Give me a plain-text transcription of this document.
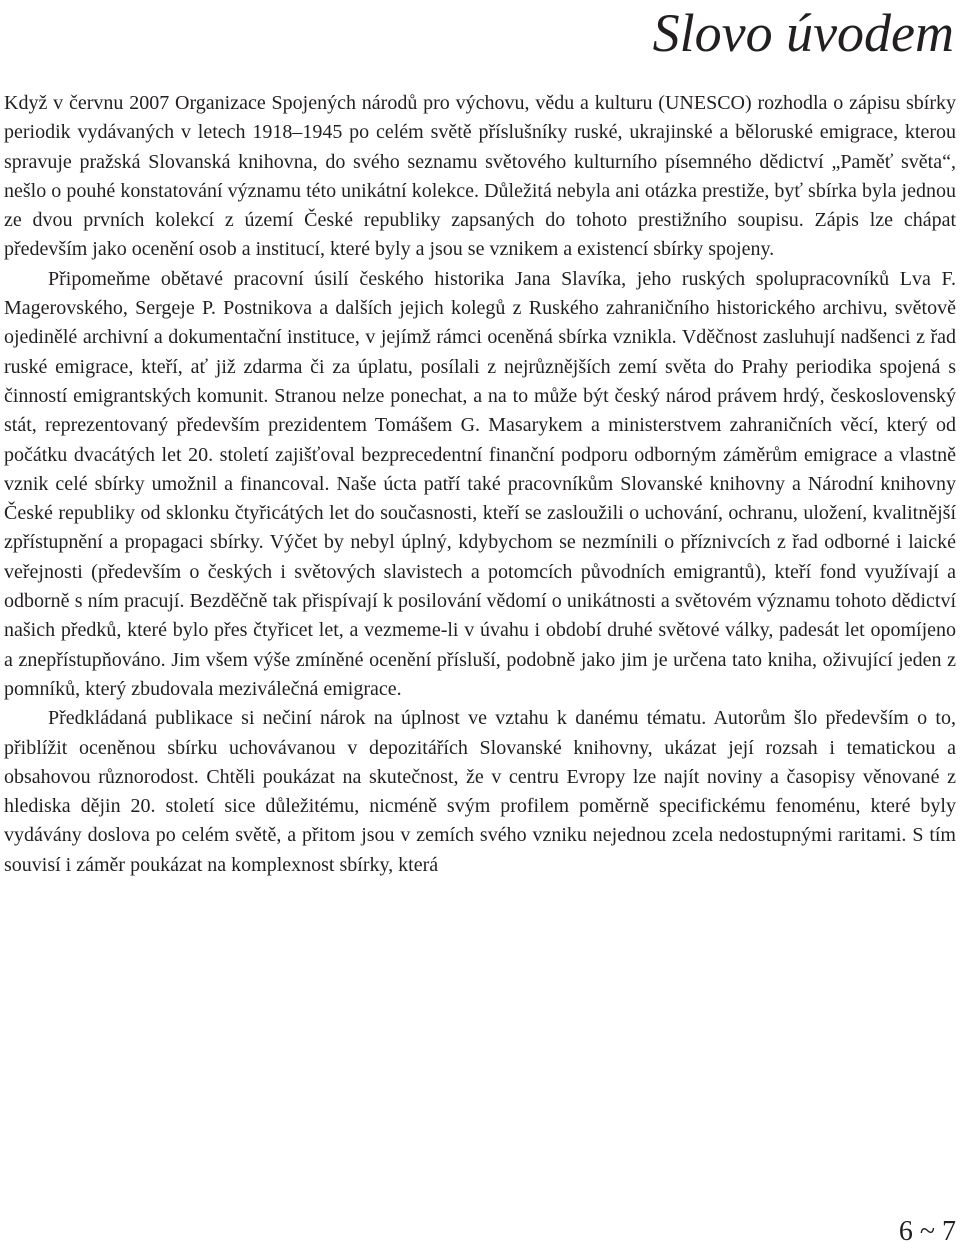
Slovo úvodem

Když v červnu 2007 Organizace Spojených národů pro výchovu, vědu a kulturu (UNESCO) rozhodla o zápisu sbírky periodik vydávaných v letech 1918–1945 po celém světě příslušníky ruské, ukrajinské a běloruské emigrace, kterou spravuje pražská Slovanská knihovna, do svého seznamu světového kulturního písemného dědictví „Paměť světa“, nešlo o pouhé konstatování významu této unikátní kolekce. Důležitá nebyla ani otázka prestiže, byť sbírka byla jednou ze dvou prvních kolekcí z území České republiky zapsaných do tohoto prestižního soupisu. Zápis lze chápat především jako ocenění osob a institucí, které byly a jsou se vznikem a existencí sbírky spojeny.

Připomeňme obětavé pracovní úsilí českého historika Jana Slavíka, jeho ruských spolupracovníků Lva F. Magerovského, Sergeje P. Postnikova a dalších jejich kolegů z Ruského zahraničního historického archivu, světově ojedinělé archivní a dokumentační instituce, v jejímž rámci oceněná sbírka vznikla. Vděčnost zasluhují nadšenci z řad ruské emigrace, kteří, ať již zdarma či za úplatu, posílali z nejrůznějších zemí světa do Prahy periodika spojená s činností emigrantských komunit. Stranou nelze ponechat, a na to může být český národ právem hrdý, československý stát, reprezentovaný především prezidentem Tomášem G. Masarykem a ministerstvem zahraničních věcí, který od počátku dvacátých let 20. století zajišťoval bezprecedentní finanční podporu odborným záměrům emigrace a vlastně vznik celé sbírky umožnil a financoval. Naše úcta patří také pracovníkům Slovanské knihovny a Národní knihovny České republiky od sklonku čtyřicátých let do současnosti, kteří se zasloužili o uchování, ochranu, uložení, kvalitnější zpřístupnění a propagaci sbírky. Výčet by nebyl úplný, kdybychom se nezmínili o příznivcích z řad odborné i laické veřejnosti (především o českých i světových slavistech a potomcích původních emigrantů), kteří fond využívají a odborně s ním pracují. Bezděčně tak přispívají k posilování vědomí o unikátnosti a světovém významu tohoto dědictví našich předků, které bylo přes čtyřicet let, a vezmeme-li v úvahu i období druhé světové války, padesát let opomíjeno a znepřístupňováno. Jim všem výše zmíněné ocenění přísluší, podobně jako jim je určena tato kniha, oživující jeden z pomníků, který zbudovala meziválečná emigrace.

Předkládaná publikace si nečiní nárok na úplnost ve vztahu k danému tématu. Autorům šlo především o to, přiblížit oceněnou sbírku uchovávanou v depozitářích Slovanské knihovny, ukázat její rozsah i tematickou a obsahovou různorodost. Chtěli poukázat na skutečnost, že v centru Evropy lze najít noviny a časopisy věnované z hlediska dějin 20. století sice důležitému, nicméně svým profilem poměrně specifickému fenoménu, které byly vydávány doslova po celém světě, a přitom jsou v zemích svého vzniku nejednou zcela nedostupnými raritami. S tím souvisí i záměr poukázat na komplexnost sbírky, která

6 ~ 7
